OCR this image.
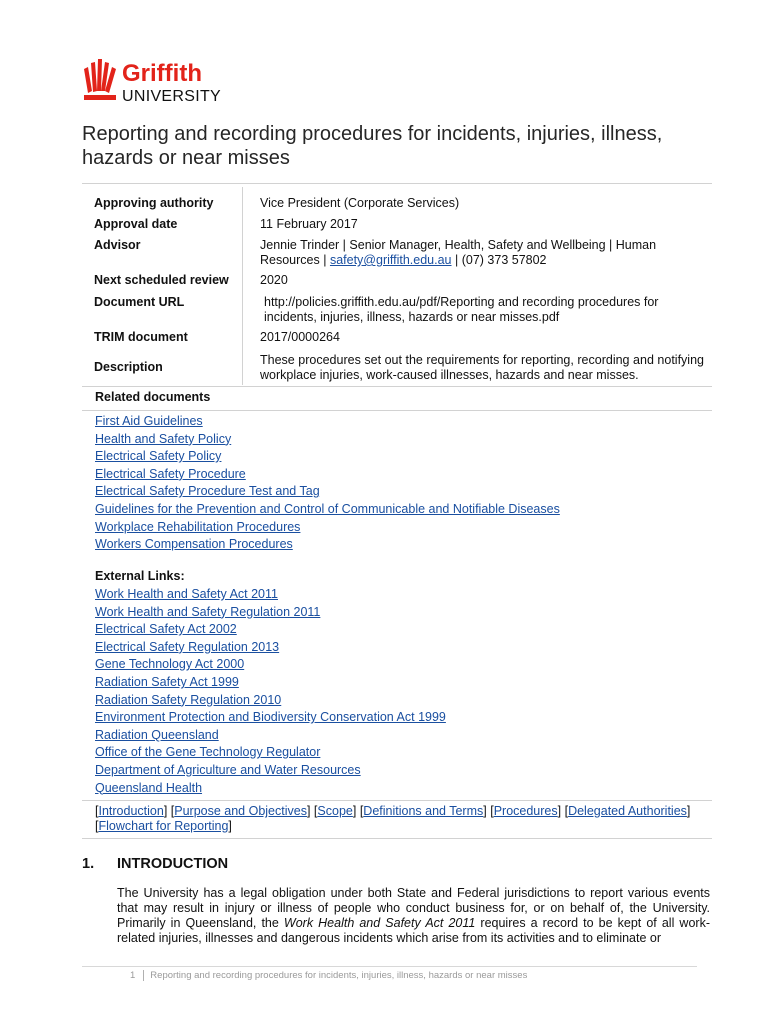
Griffith
UNIVERSITY
Reporting and recording procedures for incidents, injuries, illness, hazards or near misses
Approving authority	Vice President (Corporate Services)
Approval date	11 February 2017
Advisor	Jennie Trinder | Senior Manager, Health, Safety and Wellbeing | Human Resources | safety@griffith.edu.au | (07) 373 57802
Next scheduled review 2020
Document URL	http://policies.griffith.edu.au/pdf/Reporting and recording procedures for incidents, injuries, illness, hazards or near misses.pdf
TRIM document	2017/0000264
Description	These procedures set out the requirements for reporting, recording and notifying workplace injuries, work-caused illnesses, hazards and near misses.
Related documents
First Aid Guidelines
Health and Safety Policy
Electrical Safety Policy
Electrical Safety Procedure
Electrical Safety Procedure Test and Tag
Guidelines for the Prevention and Control of Communicable and Notifiable Diseases
Workplace Rehabilitation Procedures
Workers Compensation Procedures
External Links:
Work Health and Safety Act 2011
Work Health and Safety Regulation 2011
Electrical Safety Act 2002
Electrical Safety Regulation 2013
Gene Technology Act 2000
Radiation Safety Act 1999
Radiation Safety Regulation 2010
Environment Protection and Biodiversity Conservation Act 1999
Radiation Queensland
Office of the Gene Technology Regulator
Department of Agriculture and Water Resources
Queensland Health
[Introduction] [Purpose and Objectives] [Scope] [Definitions and Terms] [Procedures] [Delegated Authorities] [Flowchart for Reporting]
1. INTRODUCTION

The University has a legal obligation under both State and Federal jurisdictions to report various events that may result in injury or illness of people who conduct business for, or on behalf of, the University. Primarily in Queensland, the Work Health and Safety Act 2011 requires a record to be kept of all work-related injuries, illnesses and dangerous incidents which arise from its activities and to eliminate or

1 Reporting and recording procedures for incidents, injuries, illness, hazards or near misses
